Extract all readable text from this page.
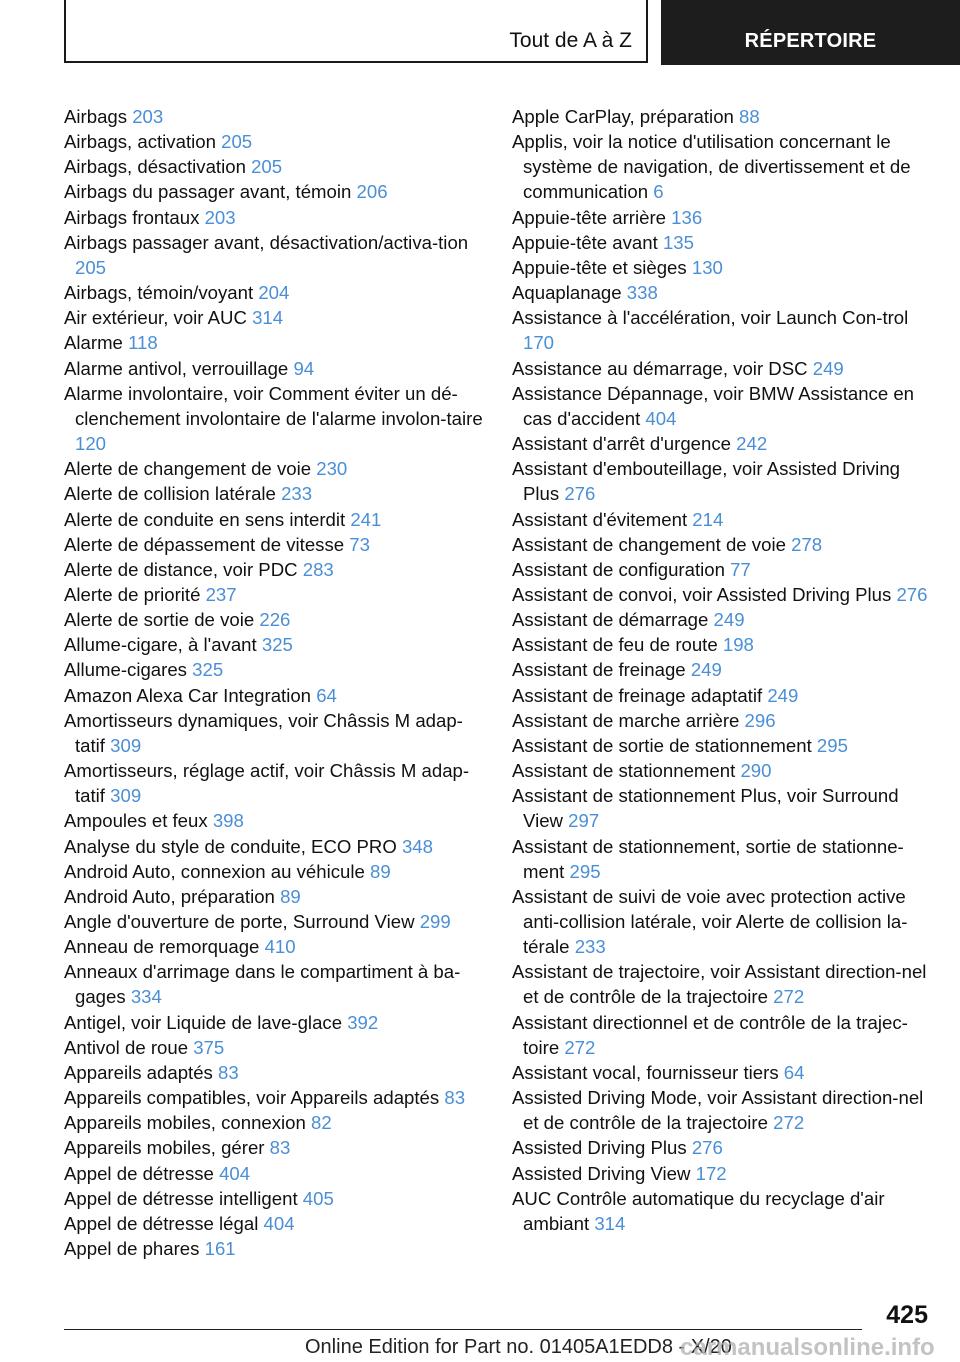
Tout de A à Z	RÉPERTOIRE
Airbags 203
Airbags, activation 205
Airbags, désactivation 205
Airbags du passager avant, témoin 206
Airbags frontaux 203
Airbags passager avant, désactivation/activa‐tion 205
Airbags, témoin/voyant 204
Air extérieur, voir AUC 314
Alarme 118
Alarme antivol, verrouillage 94
Alarme involontaire, voir Comment éviter un dé‐clenchement involontaire de l'alarme involon‐taire 120
Alerte de changement de voie 230
Alerte de collision latérale 233
Alerte de conduite en sens interdit 241
Alerte de dépassement de vitesse 73
Alerte de distance, voir PDC 283
Alerte de priorité 237
Alerte de sortie de voie 226
Allume-cigare, à l'avant 325
Allume-cigares 325
Amazon Alexa Car Integration 64
Amortisseurs dynamiques, voir Châssis M adap‐tatif 309
Amortisseurs, réglage actif, voir Châssis M adap‐tatif 309
Ampoules et feux 398
Analyse du style de conduite, ECO PRO 348
Android Auto, connexion au véhicule 89
Android Auto, préparation 89
Angle d'ouverture de porte, Surround View 299
Anneau de remorquage 410
Anneaux d'arrimage dans le compartiment à ba‐gages 334
Antigel, voir Liquide de lave-glace 392
Antivol de roue 375
Appareils adaptés 83
Appareils compatibles, voir Appareils adaptés 83
Appareils mobiles, connexion 82
Appareils mobiles, gérer 83
Appel de détresse 404
Appel de détresse intelligent 405
Appel de détresse légal 404
Appel de phares 161
Apple CarPlay, préparation 88
Applis, voir la notice d'utilisation concernant le système de navigation, de divertissement et de communication 6
Appuie-tête arrière 136
Appuie-tête avant 135
Appuie-tête et sièges 130
Aquaplanage 338
Assistance à l'accélération, voir Launch Con‐trol 170
Assistance au démarrage, voir DSC 249
Assistance Dépannage, voir BMW Assistance en cas d'accident 404
Assistant d'arrêt d'urgence 242
Assistant d'embouteillage, voir Assisted Driving Plus 276
Assistant d'évitement 214
Assistant de changement de voie 278
Assistant de configuration 77
Assistant de convoi, voir Assisted Driving Plus 276
Assistant de démarrage 249
Assistant de feu de route 198
Assistant de freinage 249
Assistant de freinage adaptatif 249
Assistant de marche arrière 296
Assistant de sortie de stationnement 295
Assistant de stationnement 290
Assistant de stationnement Plus, voir Surround View 297
Assistant de stationnement, sortie de stationne‐ment 295
Assistant de suivi de voie avec protection active anti-collision latérale, voir Alerte de collision la‐térale 233
Assistant de trajectoire, voir Assistant direction‐nel et de contrôle de la trajectoire 272
Assistant directionnel et de contrôle de la trajec‐toire 272
Assistant vocal, fournisseur tiers 64
Assisted Driving Mode, voir Assistant direction‐nel et de contrôle de la trajectoire 272
Assisted Driving Plus 276
Assisted Driving View 172
AUC Contrôle automatique du recyclage d'air ambiant 314
425
Online Edition for Part no. 01405A1EDD8 - X/20
carmanualsonline.info
